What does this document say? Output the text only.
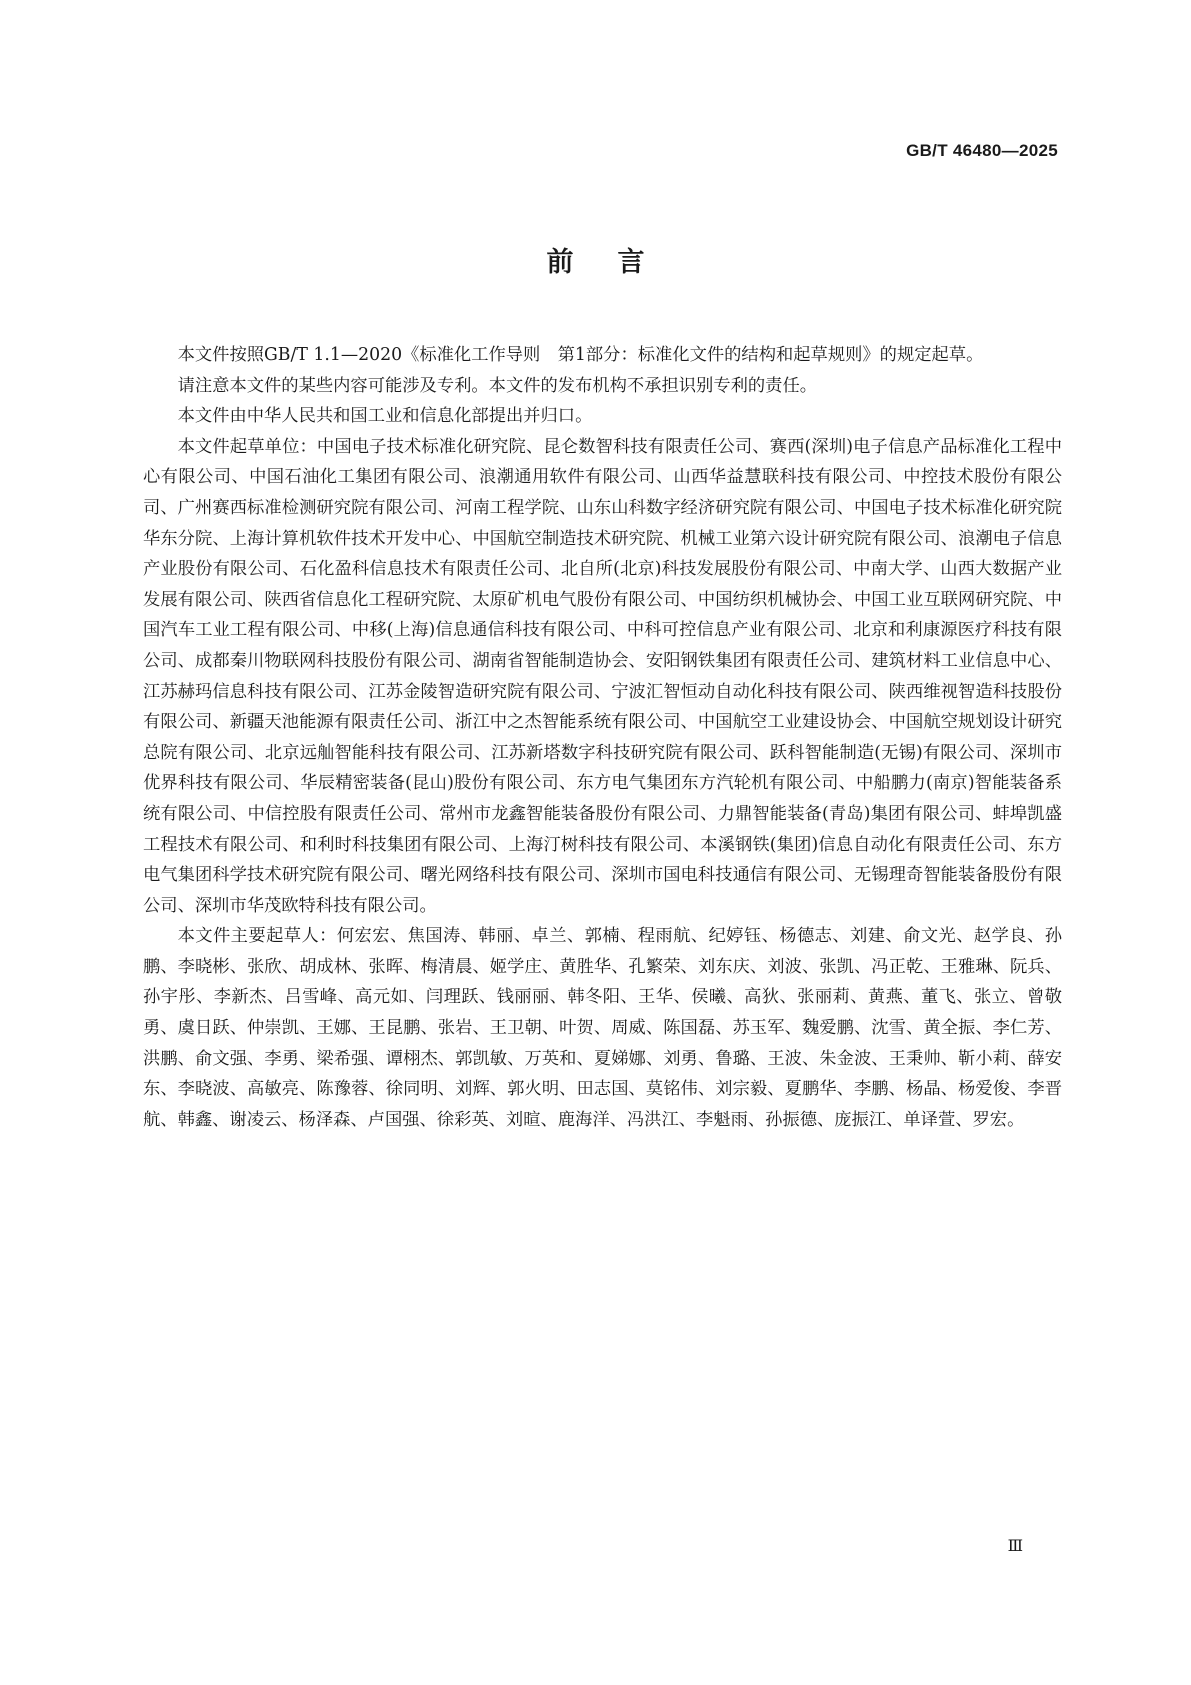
GB/T 46480—2025
前言

本文件按照GB/T 1.1—2020《标准化工作导则　第1部分：标准化文件的结构和起草规则》的规定起草。

请注意本文件的某些内容可能涉及专利。本文件的发布机构不承担识别专利的责任。

本文件由中华人民共和国工业和信息化部提出并归口。

本文件起草单位：中国电子技术标准化研究院、昆仑数智科技有限责任公司、赛西(深圳)电子信息产品标准化工程中心有限公司、中国石油化工集团有限公司、浪潮通用软件有限公司、山西华益慧联科技有限公司、中控技术股份有限公司、广州赛西标准检测研究院有限公司、河南工程学院、山东山科数字经济研究院有限公司、中国电子技术标准化研究院华东分院、上海计算机软件技术开发中心、中国航空制造技术研究院、机械工业第六设计研究院有限公司、浪潮电子信息产业股份有限公司、石化盈科信息技术有限责任公司、北自所(北京)科技发展股份有限公司、中南大学、山西大数据产业发展有限公司、陕西省信息化工程研究院、太原矿机电气股份有限公司、中国纺织机械协会、中国工业互联网研究院、中国汽车工业工程有限公司、中移(上海)信息通信科技有限公司、中科可控信息产业有限公司、北京和利康源医疗科技有限公司、成都秦川物联网科技股份有限公司、湖南省智能制造协会、安阳钢铁集团有限责任公司、建筑材料工业信息中心、江苏赫玛信息科技有限公司、江苏金陵智造研究院有限公司、宁波汇智恒动自动化科技有限公司、陕西维视智造科技股份有限公司、新疆天池能源有限责任公司、浙江中之杰智能系统有限公司、中国航空工业建设协会、中国航空规划设计研究总院有限公司、北京远舢智能科技有限公司、江苏新塔数字科技研究院有限公司、跃科智能制造(无锡)有限公司、深圳市优界科技有限公司、华辰精密装备(昆山)股份有限公司、东方电气集团东方汽轮机有限公司、中船鹏力(南京)智能装备系统有限公司、中信控股有限责任公司、常州市龙鑫智能装备股份有限公司、力鼎智能装备(青岛)集团有限公司、蚌埠凯盛工程技术有限公司、和利时科技集团有限公司、上海汀树科技有限公司、本溪钢铁(集团)信息自动化有限责任公司、东方电气集团科学技术研究院有限公司、曙光网络科技有限公司、深圳市国电科技通信有限公司、无锡理奇智能装备股份有限公司、深圳市华茂欧特科技有限公司。

本文件主要起草人：何宏宏、焦国涛、韩丽、卓兰、郭楠、程雨航、纪婷钰、杨德志、刘建、俞文光、赵学良、孙鹏、李晓彬、张欣、胡成林、张晖、梅清晨、姬学庄、黄胜华、孔繁荣、刘东庆、刘波、张凯、冯正乾、王雅琳、阮兵、孙宇彤、李新杰、吕雪峰、高元如、闫理跃、钱丽丽、韩冬阳、王华、侯曦、高狄、张丽莉、黄燕、董飞、张立、曾敬勇、虞日跃、仲崇凯、王娜、王昆鹏、张岩、王卫朝、叶贺、周威、陈国磊、苏玉军、魏爱鹏、沈雪、黄全振、李仁芳、洪鹏、俞文强、李勇、梁希强、谭栩杰、郭凯敏、万英和、夏娣娜、刘勇、鲁璐、王波、朱金波、王秉帅、靳小莉、薛安东、李晓波、高敏亮、陈豫蓉、徐同明、刘辉、郭火明、田志国、莫铭伟、刘宗毅、夏鹏华、李鹏、杨晶、杨爱俊、李晋航、韩鑫、谢凌云、杨泽森、卢国强、徐彩英、刘暄、鹿海洋、冯洪江、李魁雨、孙振德、庞振江、单译萱、罗宏。

Ⅲ
